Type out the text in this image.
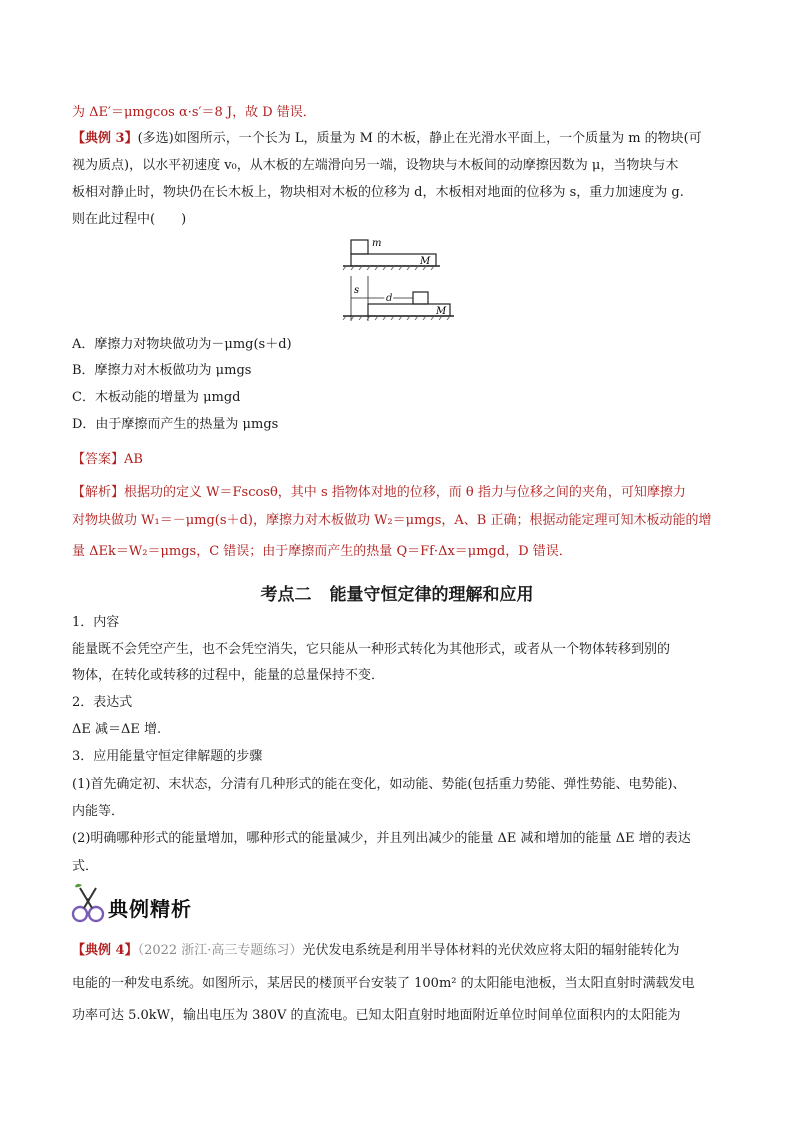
为 ΔE′＝μmgcos α·s′＝8 J，故 D 错误．
【典例 3】(多选)如图所示，一个长为 L，质量为 M 的木板，静止在光滑水平面上，一个质量为 m 的物块(可
视为质点)，以水平初速度 v₀，从木板的左端滑向另一端，设物块与木板间的动摩擦因数为 μ，当物块与木
板相对静止时，物块仍在长木板上，物块相对木板的位移为 d，木板相对地面的位移为 s，重力加速度为 g.
则在此过程中( )
m
M
s
d
M
A．摩擦力对物块做功为－μmg(s＋d)
B．摩擦力对木板做功为 μmgs
C．木板动能的增量为 μmgd
D．由于摩擦而产生的热量为 μmgs
【答案】AB
【解析】根据功的定义 W＝Fscosθ，其中 s 指物体对地的位移，而 θ 指力与位移之间的夹角，可知摩擦力
对物块做功 W₁＝－μmg(s＋d)，摩擦力对木板做功 W₂＝μmgs，A、B 正确；根据动能定理可知木板动能的增
量 ΔEk＝W₂＝μmgs，C 错误；由于摩擦而产生的热量 Q＝Ff·Δx＝μmgd，D 错误．
考点二 能量守恒定律的理解和应用
1．内容
能量既不会凭空产生，也不会凭空消失，它只能从一种形式转化为其他形式，或者从一个物体转移到别的
物体，在转化或转移的过程中，能量的总量保持不变．
2．表达式
ΔE 减＝ΔE 增.
3．应用能量守恒定律解题的步骤
(1)首先确定初、末状态，分清有几种形式的能在变化，如动能、势能(包括重力势能、弹性势能、电势能)、
内能等．
(2)明确哪种形式的能量增加，哪种形式的能量减少，并且列出减少的能量 ΔE 减和增加的能量 ΔE 增的表达
式．
典例精析
【典例 4】（2022 浙江·高三专题练习）光伏发电系统是利用半导体材料的光伏效应将太阳的辐射能转化为
电能的一种发电系统。如图所示，某居民的楼顶平台安装了 100m² 的太阳能电池板，当太阳直射时满载发电
功率可达 5.0kW，输出电压为 380V 的直流电。已知太阳直射时地面附近单位时间单位面积内的太阳能为
